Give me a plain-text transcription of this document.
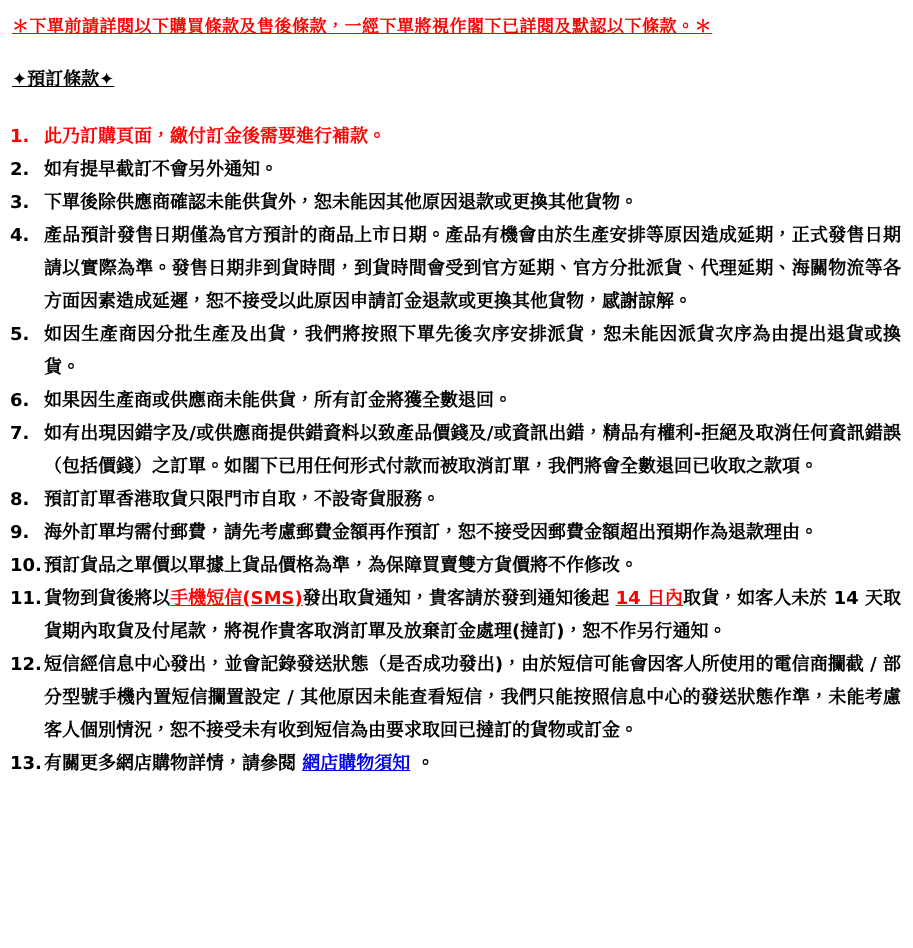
＊下單前請詳閱以下購買條款及售後條款，一經下單將視作閣下已詳閱及默認以下條款。＊
✦預訂條款✦
1. 此乃訂購頁面，繳付訂金後需要進行補款。
2. 如有提早截訂不會另外通知。
3. 下單後除供應商確認未能供貨外，恕未能因其他原因退款或更換其他貨物。
4. 產品預計發售日期僅為官方預計的商品上市日期。產品有機會由於生產安排等原因造成延期，正式發售日期請以實際為準。發售日期非到貨時間，到貨時間會受到官方延期、官方分批派貨、代理延期、海關物流等各方面因素造成延遲，恕不接受以此原因申請訂金退款或更換其他貨物，感謝諒解。
5. 如因生產商因分批生產及出貨，我們將按照下單先後次序安排派貨，恕未能因派貨次序為由提出退貨或換貨。
6. 如果因生產商或供應商未能供貨，所有訂金將獲全數退回。
7. 如有出現因錯字及/或供應商提供錯資料以致產品價錢及/或資訊出錯，精品有權利-拒絕及取消任何資訊錯誤（包括價錢）之訂單。如閣下已用任何形式付款而被取消訂單，我們將會全數退回已收取之款項。
8. 預訂訂單香港取貨只限門市自取，不設寄貨服務。
9. 海外訂單均需付郵費，請先考慮郵費金額再作預訂，恕不接受因郵費金額超出預期作為退款理由。
10. 預訂貨品之單價以單據上貨品價格為準，為保障買賣雙方貨價將不作修改。
11. 貨物到貨後將以手機短信(SMS)發出取貨通知，貴客請於發到通知後起 14 日內取貨，如客人未於 14 天取貨期內取貨及付尾款，將視作貴客取消訂單及放棄訂金處理(撻訂)，恕不作另行通知。
12. 短信經信息中心發出，並會記錄發送狀態（是否成功發出)，由於短信可能會因客人所使用的電信商攔截 / 部分型號手機內置短信攔置設定 / 其他原因未能查看短信，我們只能按照信息中心的發送狀態作準，未能考慮客人個別情況，恕不接受未有收到短信為由要求取回已撻訂的貨物或訂金。
13. 有關更多網店購物詳情，請參閱 網店購物須知 。
